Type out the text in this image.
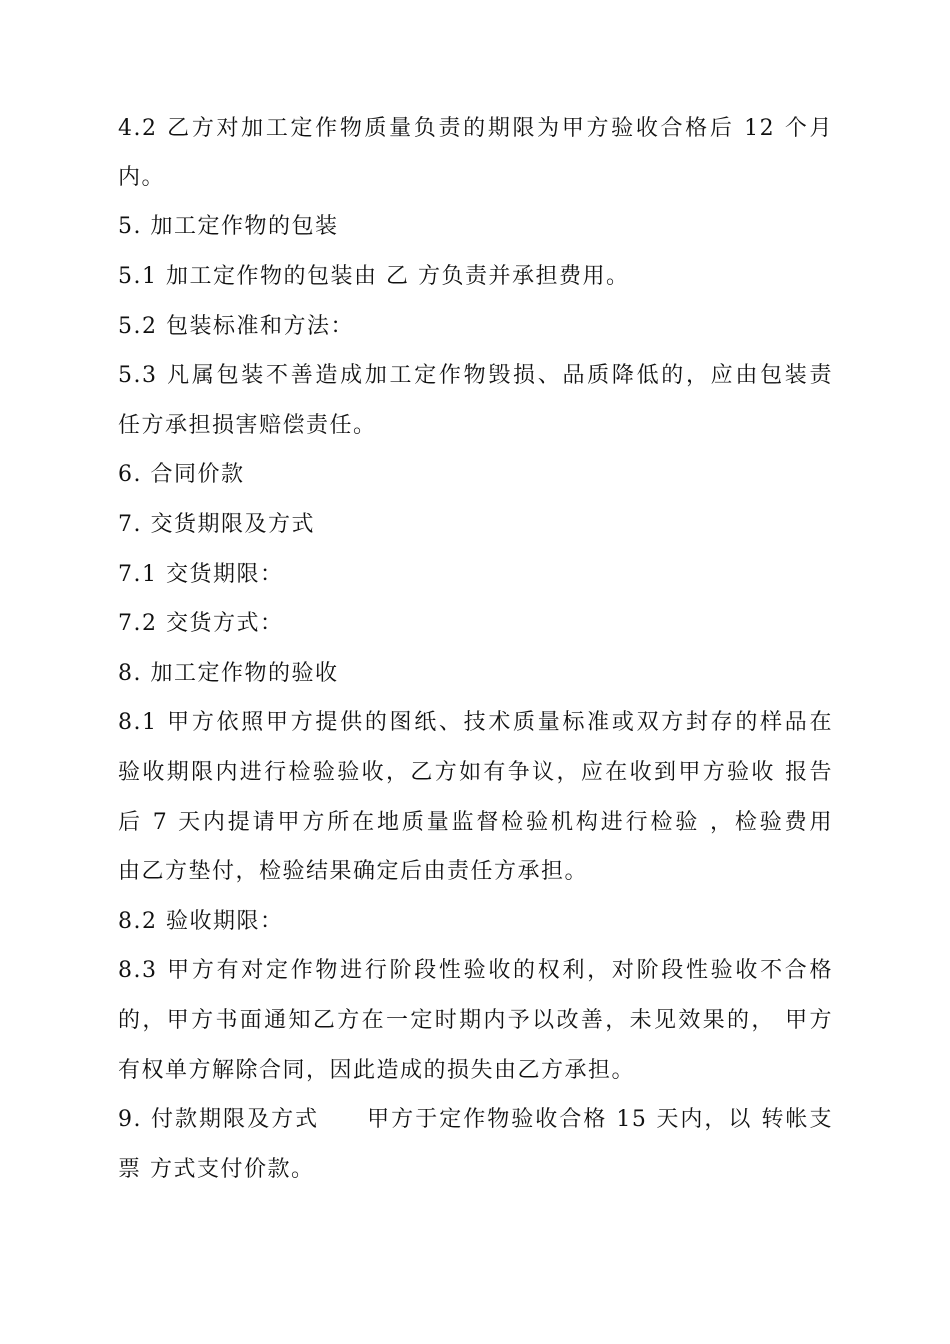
4.2 乙方对加工定作物质量负责的期限为甲方验收合格后 12 个月
内。
5. 加工定作物的包装
5.1 加工定作物的包装由 乙 方负责并承担费用。
5.2 包装标准和方法：
5.3 凡属包装不善造成加工定作物毁损、品质降低的，应由包装责
任方承担损害赔偿责任。
6. 合同价款
7. 交货期限及方式
7.1 交货期限：
7.2 交货方式：
8. 加工定作物的验收
8.1 甲方依照甲方提供的图纸、技术质量标准或双方封存的样品在
验收期限内进行检验验收，乙方如有争议，应在收到甲方验收 报告
后 7 天内提请甲方所在地质量监督检验机构进行检验 ，检验费用
由乙方垫付，检验结果确定后由责任方承担。
8.2 验收期限：
8.3 甲方有对定作物进行阶段性验收的权利，对阶段性验收不合格
的，甲方书面通知乙方在一定时期内予以改善，未见效果的， 甲方
有权单方解除合同，因此造成的损失由乙方承担。
9. 付款期限及方式　　甲方于定作物验收合格 15 天内，以 转帐支
票 方式支付价款。
